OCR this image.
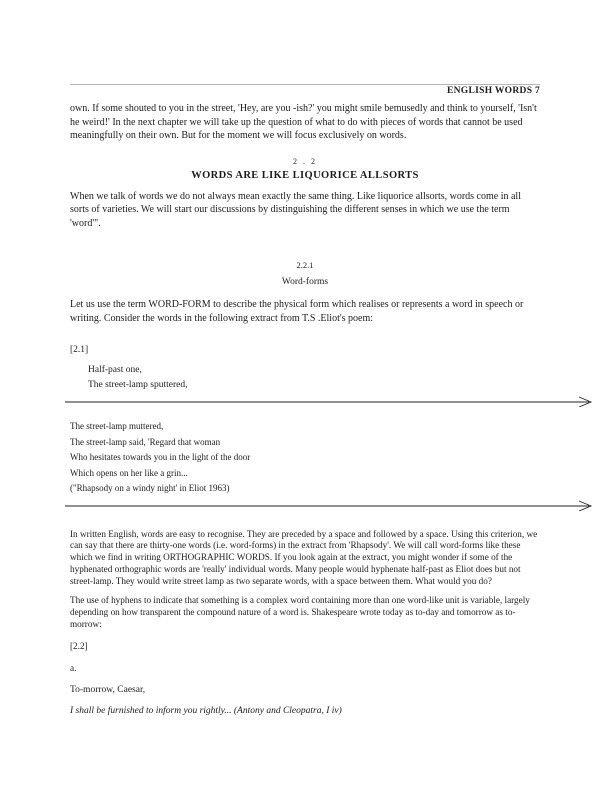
ENGLISH WORDS 7

own. If some shouted to you in the street, 'Hey, are you -ish?' you might smile bemusedly and think to yourself, 'Isn't he weird!' In the next chapter we will take up the question of what to do with pieces of words that cannot be used meaningfully on their own. But for the moment we will focus exclusively on words.

2 . 2
WORDS ARE LIKE LIQUORICE ALLSORTS

When we talk of words we do not always mean exactly the same thing. Like liquorice allsorts, words come in all sorts of varieties. We will start our discussions by distinguishing the different senses in which we use the term 'word'".

2.2.1
Word-forms

Let us use the term WORD-FORM to describe the physical form which realises or represents a word in speech or writing. Consider the words in the following extract from T.S .Eliot's poem:

[2.1]
Half-past one,
The street-lamp sputtered,
The street-lamp muttered,
The street-lamp said, 'Regard that woman
Who hesitates towards you in the light of the door
Which opens on her like a grin...
("Rhapsody on a windy night' in Eliot 1963)

In written English, words are easy to recognise. They are preceded by a space and followed by a space. Using this criterion, we can say that there are thirty-one words (i.e. word-forms) in the extract from 'Rhapsody'. We will call word-forms like these which we find in writing ORTHOGRAPHIC WORDS. If you look again at the extract, you might wonder if some of the hyphenated orthographic words are 'really' individual words. Many people would hyphenate half-past as Eliot does but not street-lamp. They would write street lamp as two separate words, with a space between them. What would you do?

The use of hyphens to indicate that something is a complex word containing more than one word-like unit is variable, largely depending on how transparent the compound nature of a word is. Shakespeare wrote today as to-day and tomorrow as to-morrow:

[2.2]
a.
To-morrow, Caesar,
I shall be furnished to inform you rightly... (Antony and Cleopatra, I iv)
